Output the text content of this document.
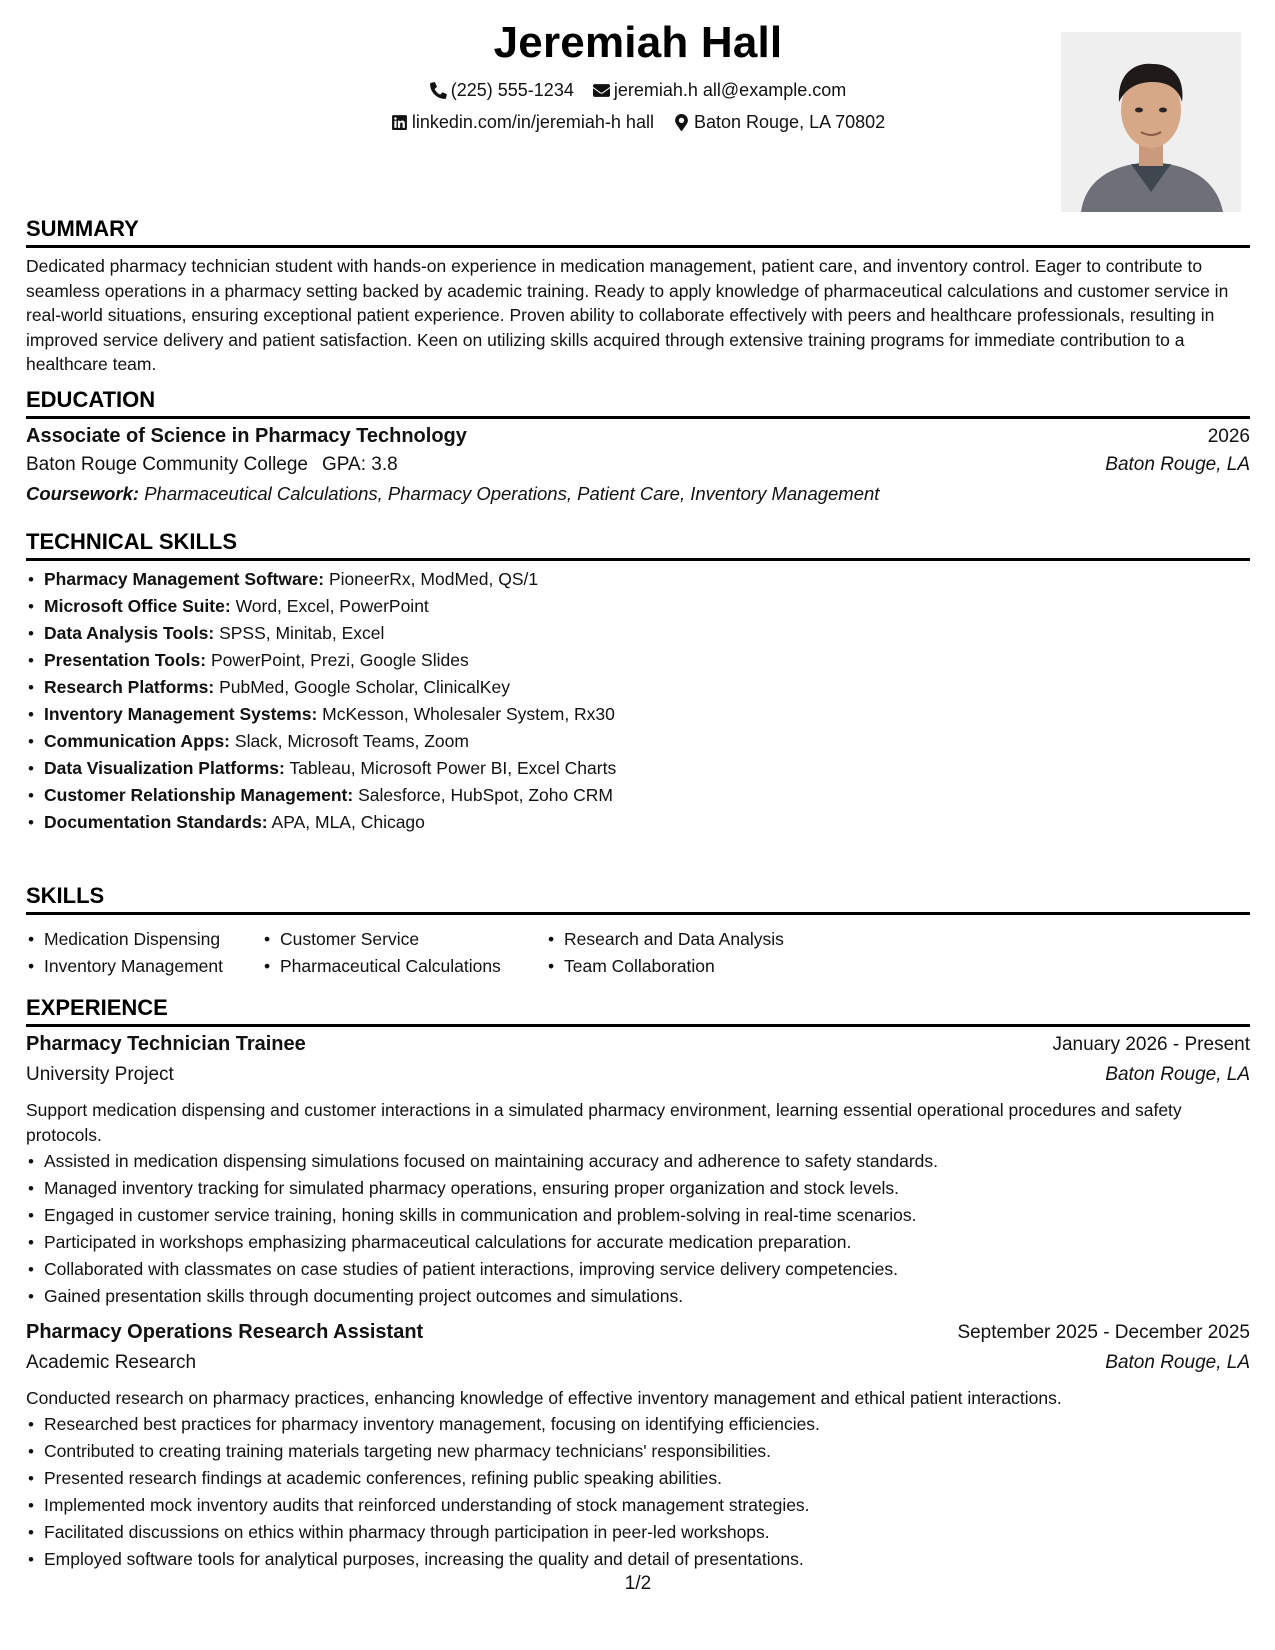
Jeremiah Hall
(225) 555-1234
jeremiah.h all@example.com
linkedin.com/in/jeremiah-h hall
Baton Rouge, LA 70802
SUMMARY
Dedicated pharmacy technician student with hands-on experience in medication management, patient care, and inventory control. Eager to contribute to seamless operations in a pharmacy setting backed by academic training. Ready to apply knowledge of pharmaceutical calculations and customer service in real-world situations, ensuring exceptional patient experience. Proven ability to collaborate effectively with peers and healthcare professionals, resulting in improved service delivery and patient satisfaction. Keen on utilizing skills acquired through extensive training programs for immediate contribution to a healthcare team.
EDUCATION
Associate of Science in Pharmacy Technology	2026
Baton Rouge Community College GPA: 3.8	Baton Rouge, LA
Coursework: Pharmaceutical Calculations, Pharmacy Operations, Patient Care, Inventory Management
TECHNICAL SKILLS
• Pharmacy Management Software: PioneerRx, ModMed, QS/1
• Microsoft Office Suite: Word, Excel, PowerPoint
• Data Analysis Tools: SPSS, Minitab, Excel
• Presentation Tools: PowerPoint, Prezi, Google Slides
• Research Platforms: PubMed, Google Scholar, ClinicalKey
• Inventory Management Systems: McKesson, Wholesaler System, Rx30
• Communication Apps: Slack, Microsoft Teams, Zoom
• Data Visualization Platforms: Tableau, Microsoft Power BI, Excel Charts
• Customer Relationship Management: Salesforce, HubSpot, Zoho CRM
• Documentation Standards: APA, MLA, Chicago
SKILLS
• Medication Dispensing
• Inventory Management
• Customer Service
• Pharmaceutical Calculations
• Research and Data Analysis
• Team Collaboration
EXPERIENCE
Pharmacy Technician Trainee	January 2026 - Present
University Project	Baton Rouge, LA
Support medication dispensing and customer interactions in a simulated pharmacy environment, learning essential operational procedures and safety protocols.
• Assisted in medication dispensing simulations focused on maintaining accuracy and adherence to safety standards.
• Managed inventory tracking for simulated pharmacy operations, ensuring proper organization and stock levels.
• Engaged in customer service training, honing skills in communication and problem-solving in real-time scenarios.
• Participated in workshops emphasizing pharmaceutical calculations for accurate medication preparation.
• Collaborated with classmates on case studies of patient interactions, improving service delivery competencies.
• Gained presentation skills through documenting project outcomes and simulations.
Pharmacy Operations Research Assistant	September 2025 - December 2025
Academic Research	Baton Rouge, LA
Conducted research on pharmacy practices, enhancing knowledge of effective inventory management and ethical patient interactions.
• Researched best practices for pharmacy inventory management, focusing on identifying efficiencies.
• Contributed to creating training materials targeting new pharmacy technicians' responsibilities.
• Presented research findings at academic conferences, refining public speaking abilities.
• Implemented mock inventory audits that reinforced understanding of stock management strategies.
• Facilitated discussions on ethics within pharmacy through participation in peer-led workshops.
• Employed software tools for analytical purposes, increasing the quality and detail of presentations.
1/2
